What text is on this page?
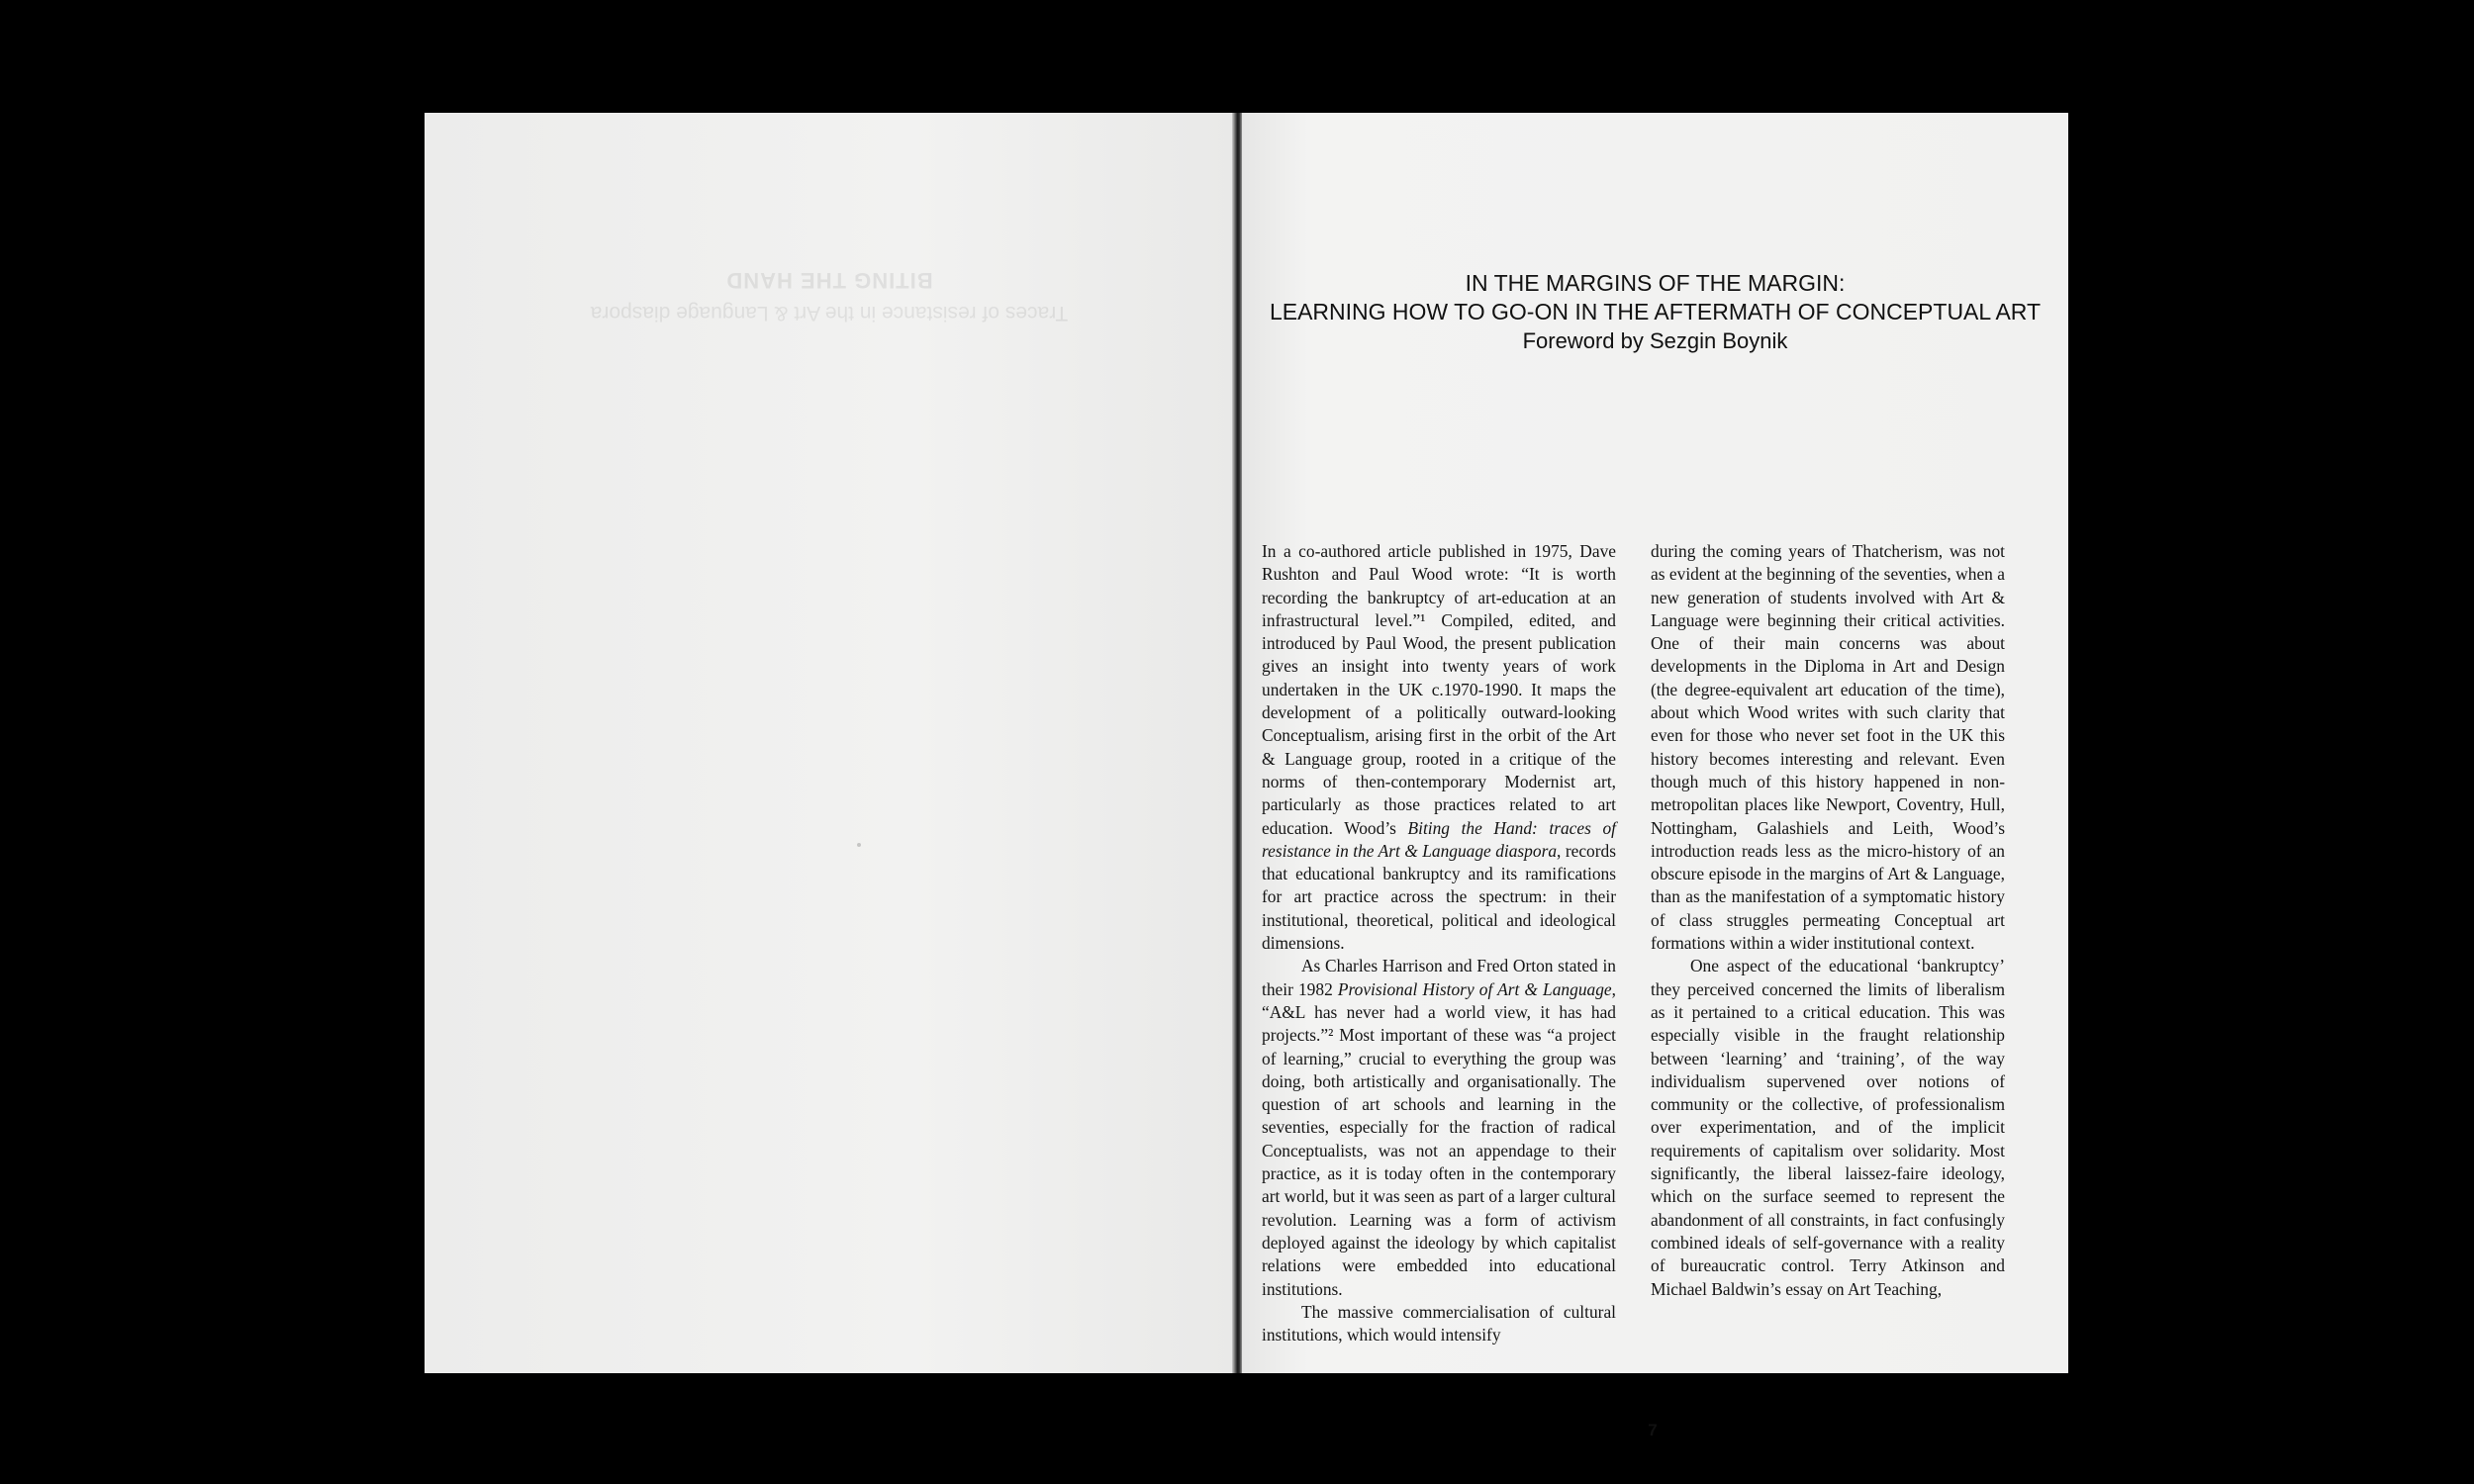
BITING THE HAND
Traces of resistance in the Art & Language diaspora
IN THE MARGINS OF THE MARGIN:
LEARNING HOW TO GO-ON IN THE AFTERMATH OF CONCEPTUAL ART
Foreword by Sezgin Boynik

In a co-authored article published in 1975, Dave Rushton and Paul Wood wrote: “It is worth recording the bankruptcy of art-education at an infrastructural level.”¹ Compiled, edited, and introduced by Paul Wood, the present publication gives an insight into twenty years of work undertaken in the UK c.1970-1990. It maps the development of a politically outward-looking Conceptualism, arising first in the orbit of the Art & Language group, rooted in a critique of the norms of then-contemporary Modernist art, particularly as those practices related to art education. Wood’s Biting the Hand: traces of resistance in the Art & Language diaspora, records that educational bankruptcy and its ramifications for art practice across the spectrum: in their institutional, theoretical, political and ideological dimensions.

As Charles Harrison and Fred Orton stated in their 1982 Provisional History of Art & Language, “A&L has never had a world view, it has had projects.”² Most important of these was “a project of learning,” crucial to everything the group was doing, both artistically and organisationally. The question of art schools and learning in the seventies, especially for the fraction of radical Conceptualists, was not an appendage to their practice, as it is today often in the contemporary art world, but it was seen as part of a larger cultural revolution. Learning was a form of activism deployed against the ideology by which capitalist relations were embedded into educational institutions.

The massive commercialisation of cultural institutions, which would intensify

during the coming years of Thatcherism, was not as evident at the beginning of the seventies, when a new generation of students involved with Art & Language were beginning their critical activities. One of their main concerns was about developments in the Diploma in Art and Design (the degree-equivalent art education of the time), about which Wood writes with such clarity that even for those who never set foot in the UK this history becomes interesting and relevant. Even though much of this history happened in non-metropolitan places like Newport, Coventry, Hull, Nottingham, Galashiels and Leith, Wood’s introduction reads less as the micro-history of an obscure episode in the margins of Art & Language, than as the manifestation of a symptomatic history of class struggles permeating Conceptual art formations within a wider institutional context.

One aspect of the educational ‘bankruptcy’ they perceived concerned the limits of liberalism as it pertained to a critical education. This was especially visible in the fraught relationship between ‘learning’ and ‘training’, of the way individualism supervened over notions of community or the collective, of professionalism over experimentation, and of the implicit requirements of capitalism over solidarity. Most significantly, the liberal laissez-faire ideology, which on the surface seemed to represent the abandonment of all constraints, in fact confusingly combined ideals of self-governance with a reality of bureaucratic control. Terry Atkinson and Michael Baldwin’s essay on Art Teaching,

7
